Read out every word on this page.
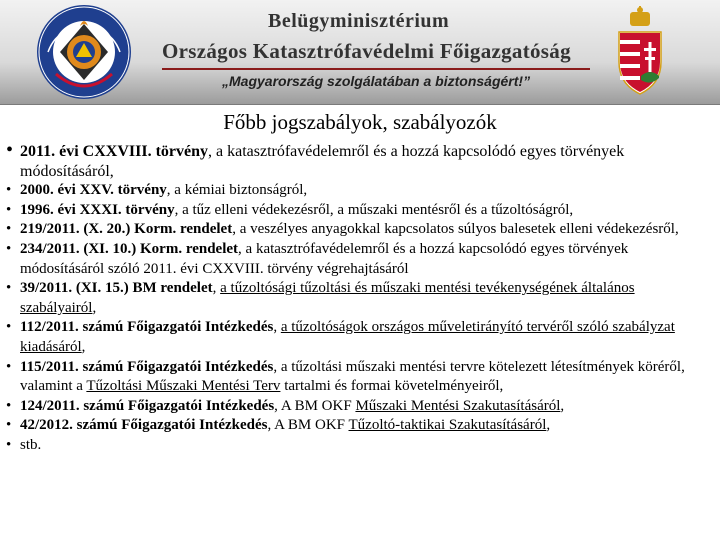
Belügyminisztérium
Országos Katasztrófavédelmi Főigazgatóság
„Magyarország szolgálatában a biztonságért!”
Főbb jogszabályok, szabályozók
• 2011. évi CXXVIII. törvény, a katasztrófavédelemről és a hozzá kapcsolódó egyes törvények módosításáról,
• 2000. évi XXV. törvény, a kémiai biztonságról,
• 1996. évi XXXI. törvény, a tűz elleni védekezésről, a műszaki mentésről és a tűzoltóságról,
• 219/2011. (X. 20.) Korm. rendelet, a veszélyes anyagokkal kapcsolatos súlyos balesetek elleni védekezésről,
• 234/2011. (XI. 10.) Korm. rendelet, a katasztrófavédelemről és a hozzá kapcsolódó egyes törvények módosításáról szóló 2011. évi CXXVIII. törvény végrehajtásáról
• 39/2011. (XI. 15.) BM rendelet, a tűzoltósági tűzoltási és műszaki mentési tevékenységének általános szabályairól,
• 112/2011. számú Főigazgatói Intézkedés, a tűzoltóságok országos műveletirányító tervéről szóló szabályzat kiadásáról,
• 115/2011. számú Főigazgatói Intézkedés, a tűzoltási műszaki mentési tervre kötelezett létesítmények köréről, valamint a Tűzoltási Műszaki Mentési Terv tartalmi és formai követelményeiről,
• 124/2011. számú Főigazgatói Intézkedés, A BM OKF Műszaki Mentési Szakutasításáról,
• 42/2012. számú Főigazgatói Intézkedés, A BM OKF Tűzoltó-taktikai Szakutasításáról,
• stb.
